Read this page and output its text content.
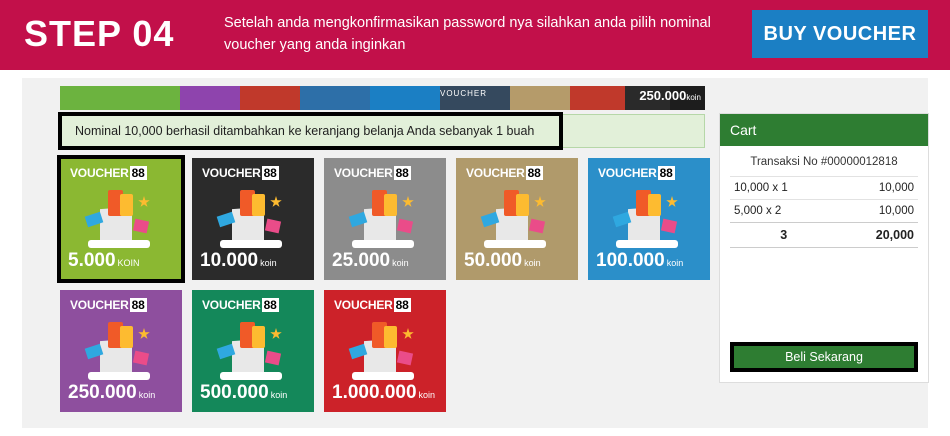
STEP 04	Setelah anda mengkonfirmasikan password nya silahkan anda pilih nominal voucher yang anda inginkan
BUY VOUCHER
VOUCHER	250.000koin
Nominal 10,000 berhasil ditambahkan ke keranjang belanja Anda sebanyak 1 buah
VOUCHER 88
5.000 KOIN
VOUCHER 88
10.000 koin
VOUCHER 88
25.000 koin
VOUCHER 88
50.000 koin
VOUCHER 88
100.000 koin
VOUCHER 88
250.000 koin
VOUCHER 88
500.000 koin
VOUCHER 88
1.000.000 koin
Cart
Transaksi No #00000012818
10,000 x 1	10,000
5,000 x 2	10,000
3	20,000
Beli Sekarang
